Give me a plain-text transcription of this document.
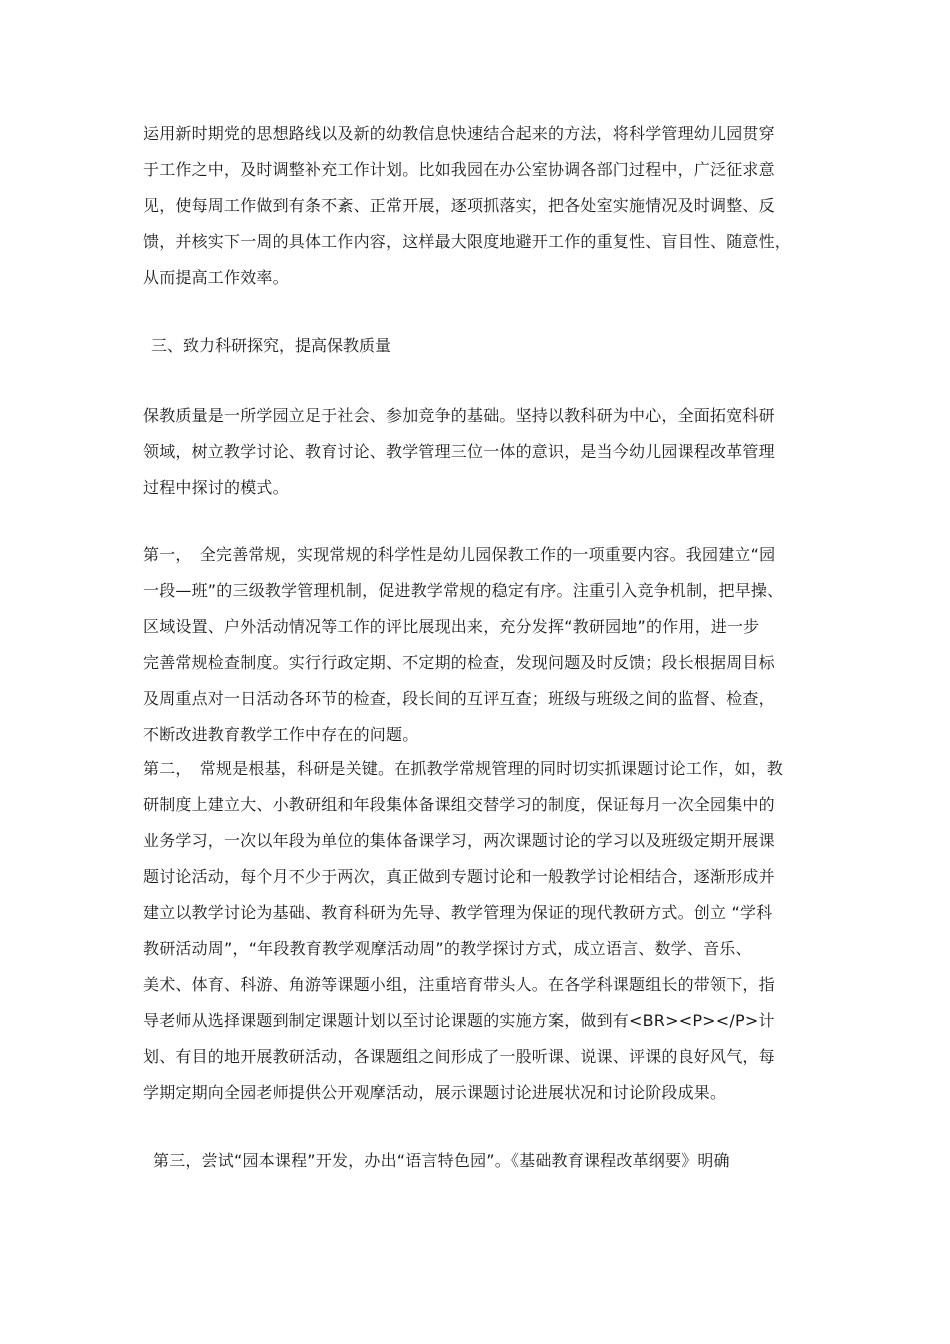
运用新时期党的思想路线以及新的幼教信息快速结合起来的方法，将科学管理幼儿园贯穿
于工作之中，及时调整补充工作计划。比如我园在办公室协调各部门过程中，广泛征求意
见，使每周工作做到有条不紊、正常开展，逐项抓落实，把各处室实施情况及时调整、反
馈，并核实下一周的具体工作内容，这样最大限度地避开工作的重复性、盲目性、随意性，
从而提高工作效率。
三、致力科研探究，提高保教质量
保教质量是一所学园立足于社会、参加竞争的基础。坚持以教科研为中心，全面拓宽科研
领域，树立教学讨论、教育讨论、教学管理三位一体的意识，是当今幼儿园课程改革管理
过程中探讨的模式。
第一，　全完善常规，实现常规的科学性是幼儿园保教工作的一项重要内容。我园建立“园
一段—班”的三级教学管理机制，促进教学常规的稳定有序。注重引入竞争机制，把早操、
区域设置、户外活动情况等工作的评比展现出来，充分发挥“教研园地”的作用，进一步
完善常规检查制度。实行行政定期、不定期的检查，发现问题及时反馈；段长根据周目标
及周重点对一日活动各环节的检查，段长间的互评互查；班级与班级之间的监督、检查，
不断改进教育教学工作中存在的问题。
第二，　常规是根基，科研是关键。在抓教学常规管理的同时切实抓课题讨论工作，如，教
研制度上建立大、小教研组和年段集体备课组交替学习的制度，保证每月一次全园集中的
业务学习，一次以年段为单位的集体备课学习，两次课题讨论的学习以及班级定期开展课
题讨论活动，每个月不少于两次，真正做到专题讨论和一般教学讨论相结合，逐渐形成并
建立以教学讨论为基础、教育科研为先导、教学管理为保证的现代教研方式。创立 “学科
教研活动周”，“年段教育教学观摩活动周”的教学探讨方式，成立语言、数学、音乐、
美术、体育、科游、角游等课题小组，注重培育带头人。在各学科课题组长的带领下，指
导老师从选择课题到制定课题计划以至讨论课题的实施方案，做到有<BR><P></P>计
划、有目的地开展教研活动，各课题组之间形成了一股听课、说课、评课的良好风气，每
学期定期向全园老师提供公开观摩活动，展示课题讨论进展状况和讨论阶段成果。
第三，尝试“园本课程”开发，办出“语言特色园”。《基础教育课程改革纲要》明确
